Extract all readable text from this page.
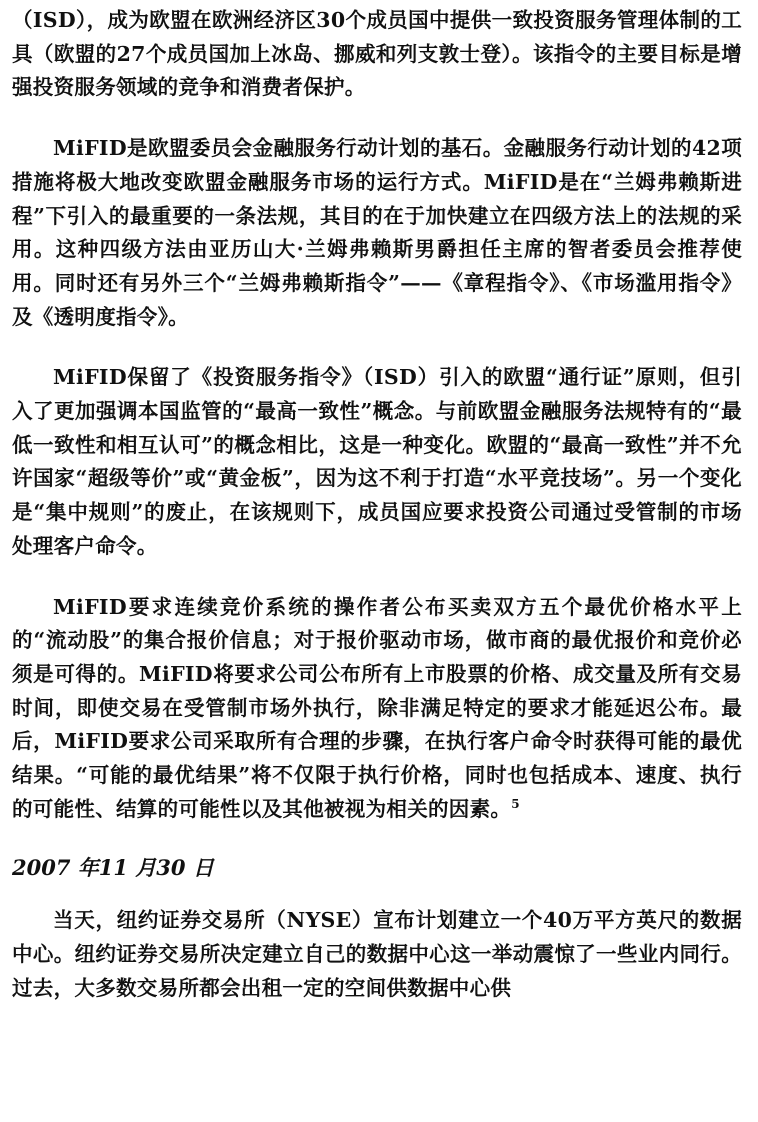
（ISD），成为欧盟在欧洲经济区30个成员国中提供一致投资服务管理体制的工具（欧盟的27个成员国加上冰岛、挪威和列支敦士登）。该指令的主要目标是增强投资服务领域的竞争和消费者保护。

MiFID是欧盟委员会金融服务行动计划的基石。金融服务行动计划的42项措施将极大地改变欧盟金融服务市场的运行方式。MiFID是在“兰姆弗赖斯进程”下引入的最重要的一条法规，其目的在于加快建立在四级方法上的法规的采用。这种四级方法由亚历山大·兰姆弗赖斯男爵担任主席的智者委员会推荐使用。同时还有另外三个“兰姆弗赖斯指令”——《章程指令》、《市场滥用指令》及《透明度指令》。

MiFID保留了《投资服务指令》（ISD）引入的欧盟“通行证”原则，但引入了更加强调本国监管的“最高一致性”概念。与前欧盟金融服务法规特有的“最低一致性和相互认可”的概念相比，这是一种变化。欧盟的“最高一致性”并不允许国家“超级等价”或“黄金板”，因为这不利于打造“水平竞技场”。另一个变化是“集中规则”的废止，在该规则下，成员国应要求投资公司通过受管制的市场处理客户命令。

MiFID要求连续竞价系统的操作者公布买卖双方五个最优价格水平上的“流动股”的集合报价信息；对于报价驱动市场，做市商的最优报价和竞价必须是可得的。MiFID将要求公司公布所有上市股票的价格、成交量及所有交易时间，即使交易在受管制市场外执行，除非满足特定的要求才能延迟公布。最后，MiFID要求公司采取所有合理的步骤，在执行客户命令时获得可能的最优结果。“可能的最优结果”将不仅限于执行价格，同时也包括成本、速度、执行的可能性、结算的可能性以及其他被视为相关的因素。$^5$

2007 年11 月30 日

当天，纽约证券交易所（NYSE）宣布计划建立一个40万平方英尺的数据中心。纽约证券交易所决定建立自己的数据中心这一举动震惊了一些业内同行。过去，大多数交易所都会出租一定的空间供数据中心供
